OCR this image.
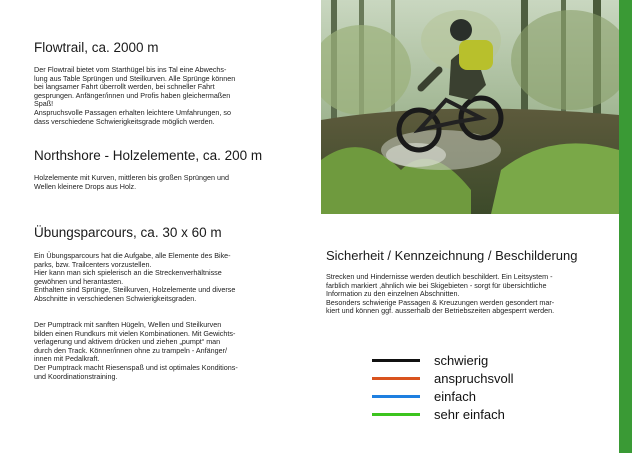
Flowtrail, ca. 2000 m

Der Flowtrail bietet vom Starthügel bis ins Tal eine Abwechs-
lung aus Table Sprüngen und Steilkurven. Alle Sprünge können
bei langsamer Fahrt überrollt werden, bei schneller Fahrt
gesprungen. Anfänger/innen und Profis haben gleichermaßen
Spaß!
Anspruchsvolle Passagen erhalten leichtere Umfahrungen, so
dass verschiedene Schwierigkeitsgrade möglich werden.

Northshore - Holzelemente, ca. 200 m

Holzelemente mit Kurven, mittleren bis großen Sprüngen und
Wellen kleinere Drops aus Holz.

Übungsparcours, ca. 30 x 60 m

Ein Übungsparcours hat die Aufgabe, alle Elemente des Bike-
parks, bzw. Trailcenters vorzustellen.
Hier kann man sich spielerisch an die Streckenverhältnisse
gewöhnen und herantasten.
Enthalten sind Sprünge, Steilkurven, Holzelemente und diverse
Abschnitte in verschiedenen Schwierigkeitsgraden.

Der Pumptrack mit sanften Hügeln, Wellen und Steilkurven
bilden einen Rundkurs mit vielen Kombinationen. Mit Gewichts-
verlagerung und aktivem drücken und ziehen „pumpt“ man
durch den Track. Könner/innen ohne zu trampeln - Anfänger/
innen mit Pedalkraft.
Der Pumptrack macht Riesenspaß und ist optimales Konditions-
und Koordinationstraining.

Sicherheit / Kennzeichnung / Beschilderung

Strecken und Hindernisse werden deutlich beschildert. Ein Leitsystem -
farblich markiert ,ähnlich wie bei Skigebieten - sorgt für übersichtliche
Information zu den einzelnen Abschnitten.
Besonders schwierige Passagen & Kreuzungen werden gesondert mar-
kiert und können ggf. ausserhalb der Betriebszeiten abgesperrt werden.

schwierig
anspruchsvoll
einfach
sehr einfach
